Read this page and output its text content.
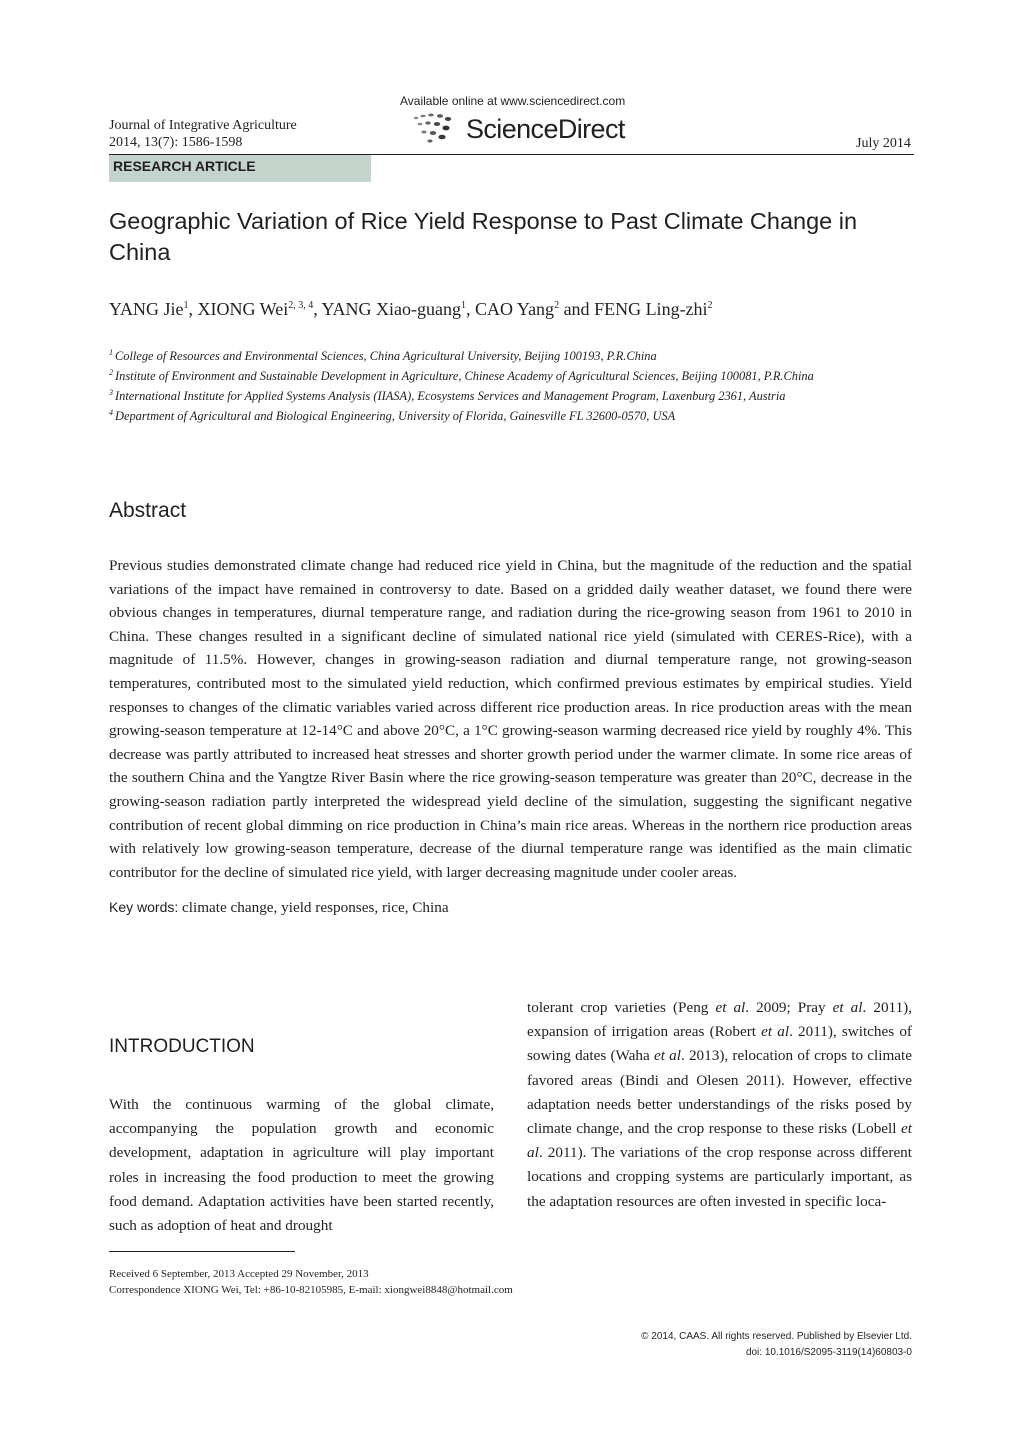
Available online at www.sciencedirect.com
Journal of Integrative Agriculture
2014, 13(7): 1586-1598	ScienceDirect	July 2014
RESEARCH ARTICLE
Geographic Variation of Rice Yield Response to Past Climate Change in China
YANG Jie$^1$, XIONG Wei$^{2, 3, 4}$, YANG Xiao-guang$^1$, CAO Yang$^2$ and FENG Ling-zhi$^2$
$^1$ College of Resources and Environmental Sciences, China Agricultural University, Beijing 100193, P.R.China
$^2$ Institute of Environment and Sustainable Development in Agriculture, Chinese Academy of Agricultural Sciences, Beijing 100081, P.R.China
$^3$ International Institute for Applied Systems Analysis (IIASA), Ecosystems Services and Management Program, Laxenburg 2361, Austria
$^4$ Department of Agricultural and Biological Engineering, University of Florida, Gainesville FL 32600-0570, USA
Abstract
Previous studies demonstrated climate change had reduced rice yield in China, but the magnitude of the reduction and the spatial variations of the impact have remained in controversy to date. Based on a gridded daily weather dataset, we found there were obvious changes in temperatures, diurnal temperature range, and radiation during the rice-growing season from 1961 to 2010 in China. These changes resulted in a significant decline of simulated national rice yield (simulated with CERES-Rice), with a magnitude of 11.5%. However, changes in growing-season radiation and diurnal temperature range, not growing-season temperatures, contributed most to the simulated yield reduction, which confirmed previous estimates by empirical studies. Yield responses to changes of the climatic variables varied across different rice production areas. In rice production areas with the mean growing-season temperature at 12-14°C and above 20°C, a 1°C growing-season warming decreased rice yield by roughly 4%. This decrease was partly attributed to increased heat stresses and shorter growth period under the warmer climate. In some rice areas of the southern China and the Yangtze River Basin where the rice growing-season temperature was greater than 20°C, decrease in the growing-season radiation partly interpreted the widespread yield decline of the simulation, suggesting the significant negative contribution of recent global dimming on rice production in China’s main rice areas. Whereas in the northern rice production areas with relatively low growing-season temperature, decrease of the diurnal temperature range was identified as the main climatic contributor for the decline of simulated rice yield, with larger decreasing magnitude under cooler areas.
Key words: climate change, yield responses, rice, China
INTRODUCTION
With the continuous warming of the global climate, accompanying the population growth and economic development, adaptation in agriculture will play important roles in increasing the food production to meet the growing food demand. Adaptation activities have been started recently, such as adoption of heat and drought
tolerant crop varieties (Peng et al. 2009; Pray et al. 2011), expansion of irrigation areas (Robert et al. 2011), switches of sowing dates (Waha et al. 2013), relocation of crops to climate favored areas (Bindi and Olesen 2011). However, effective adaptation needs better understandings of the risks posed by climate change, and the crop response to these risks (Lobell et al. 2011). The variations of the crop response across different locations and cropping systems are particularly important, as the adaptation resources are often invested in specific loca-
Received 6 September, 2013 Accepted 29 November, 2013
Correspondence XIONG Wei, Tel: +86-10-82105985, E-mail: xiongwei8848@hotmail.com
© 2014, CAAS. All rights reserved. Published by Elsevier Ltd.
doi: 10.1016/S2095-3119(14)60803-0
